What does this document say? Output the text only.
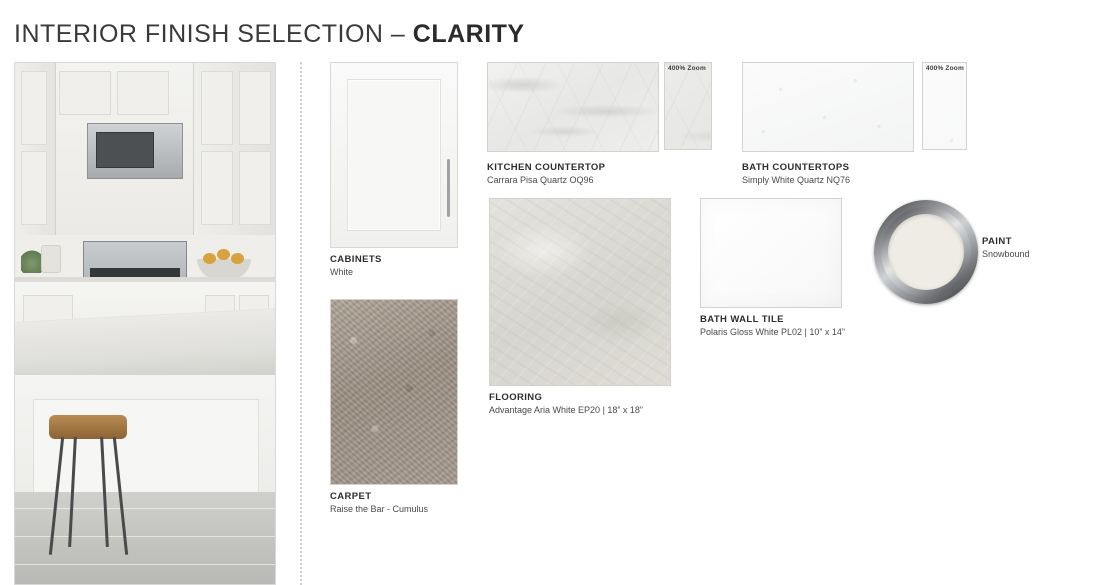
INTERIOR FINISH SELECTION – CLARITY
CABINETS
White
CARPET
Raise the Bar - Cumulus
400% Zoom
KITCHEN COUNTERTOP
Carrara Pisa Quartz OQ96
400% Zoom
BATH COUNTERTOPS
Simply White Quartz NQ76
FLOORING
Advantage Aria White EP20 | 18” x 18”
BATH WALL TILE
Polaris Gloss White PL02 | 10” x 14”
PAINT
Snowbound
